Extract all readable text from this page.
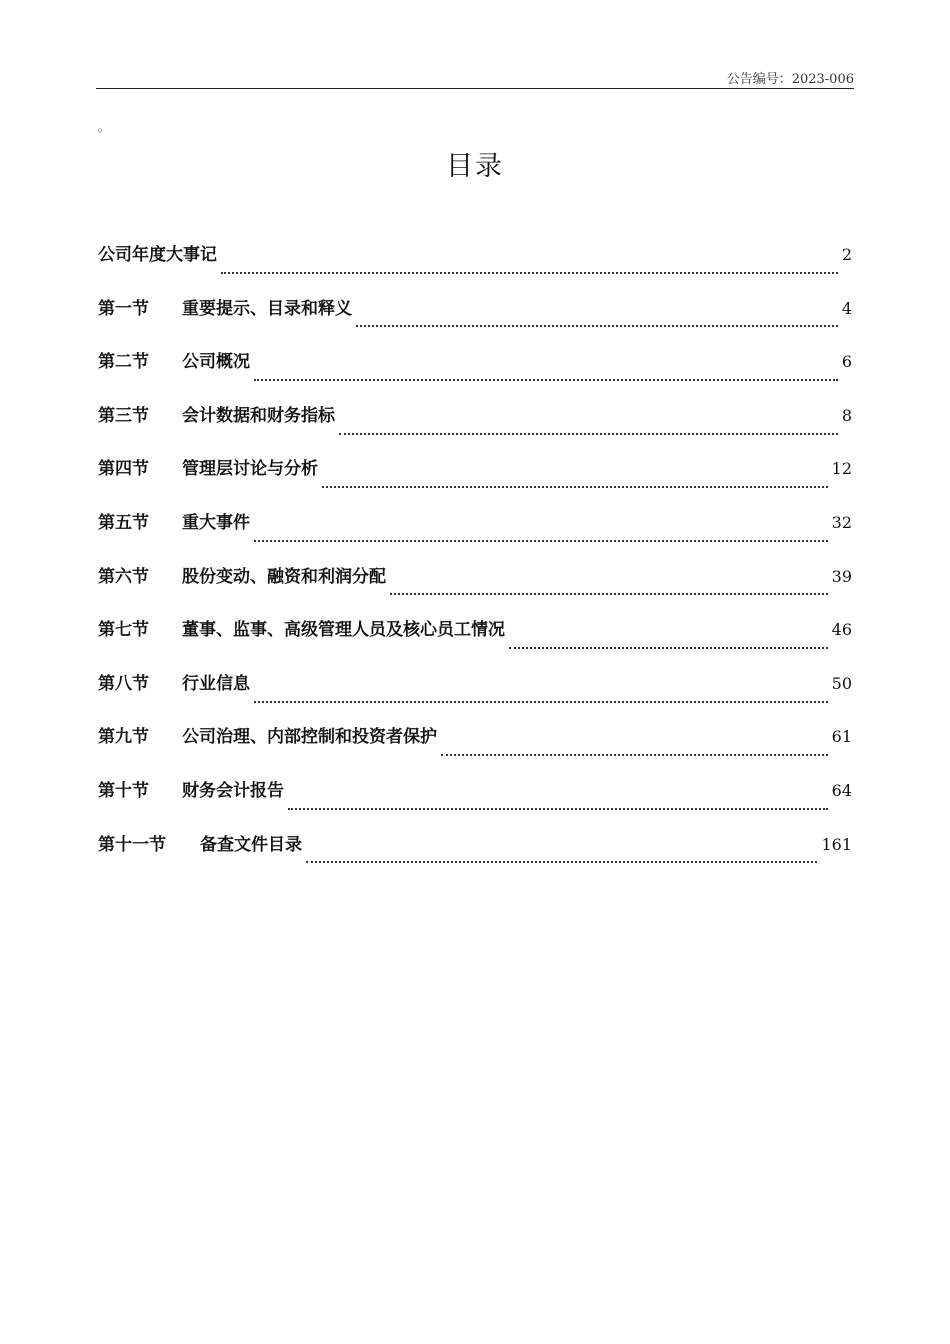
公告编号：2023-006
。
目录
公司年度大事记	2
第一节	重要提示、目录和释义	4
第二节	公司概况	6
第三节	会计数据和财务指标	8
第四节	管理层讨论与分析	12
第五节	重大事件	32
第六节	股份变动、融资和利润分配	39
第七节	董事、监事、高级管理人员及核心员工情况	46
第八节	行业信息	50
第九节	公司治理、内部控制和投资者保护	61
第十节	财务会计报告	64
第十一节	备查文件目录	161
